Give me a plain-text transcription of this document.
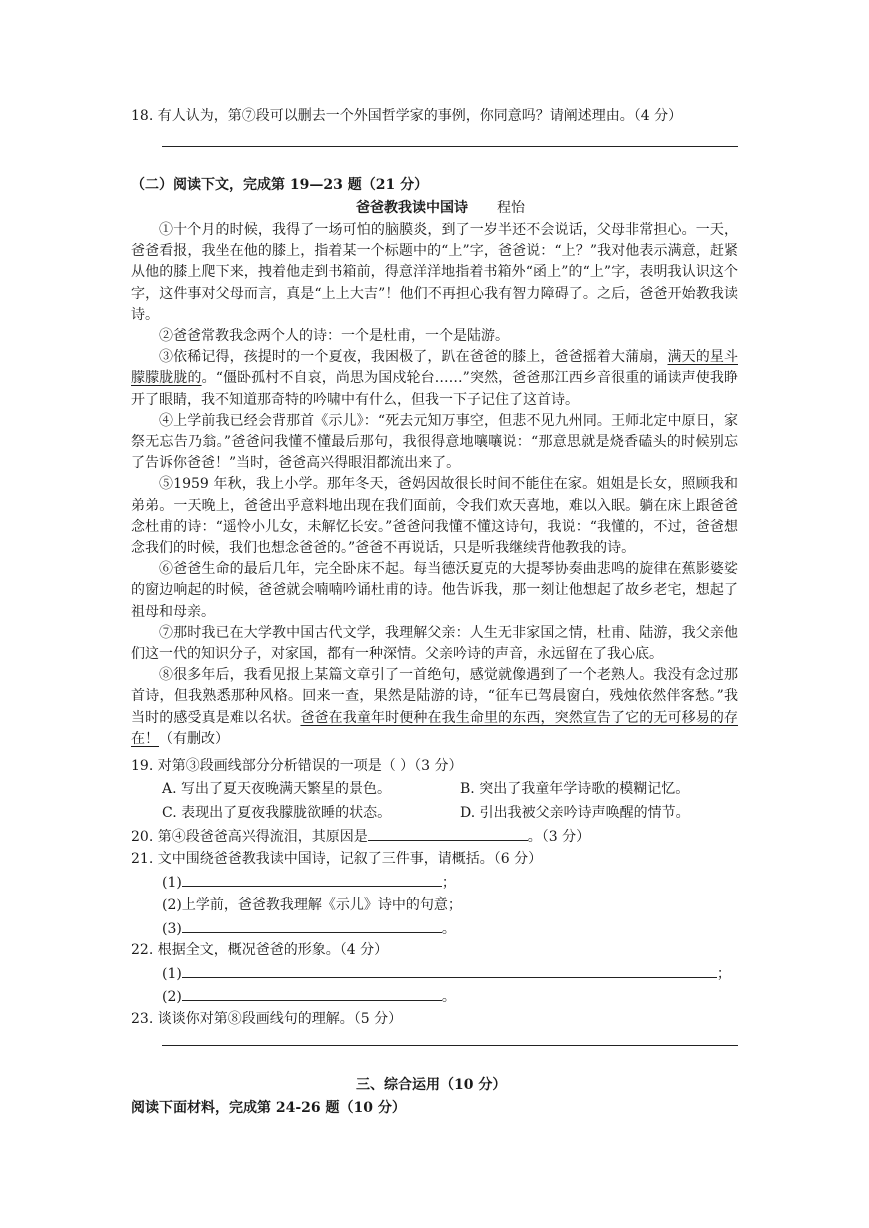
18. 有人认为，第⑦段可以删去一个外国哲学家的事例，你同意吗？请阐述理由。（4 分）
（二）阅读下文，完成第 19—23 题（21 分）
爸爸教我读中国诗 程怡

①十个月的时候，我得了一场可怕的脑膜炎，到了一岁半还不会说话，父母非常担心。一天，爸爸看报，我坐在他的膝上，指着某一个标题中的“上”字，爸爸说：“上？”我对他表示满意，赶紧从他的膝上爬下来，拽着他走到书箱前，得意洋洋地指着书箱外“函上”的“上”字，表明我认识这个字，这件事对父母而言，真是“上上大吉”！他们不再担心我有智力障碍了。之后，爸爸开始教我读诗。

②爸爸常教我念两个人的诗：一个是杜甫，一个是陆游。

③依稀记得，孩提时的一个夏夜，我困极了，趴在爸爸的膝上，爸爸摇着大蒲扇，满天的星斗朦朦胧胧的。“僵卧孤村不自哀，尚思为国戍轮台……”突然，爸爸那江西乡音很重的诵读声使我睁开了眼睛，我不知道那奇特的吟啸中有什么，但我一下子记住了这首诗。

④上学前我已经会背那首《示儿》：“死去元知万事空，但悲不见九州同。王师北定中原日，家祭无忘告乃翁。”爸爸问我懂不懂最后那句，我很得意地嚷嚷说：“那意思就是烧香磕头的时候别忘了告诉你爸爸！”当时，爸爸高兴得眼泪都流出来了。

⑤1959 年秋，我上小学。那年冬天，爸妈因故很长时间不能住在家。姐姐是长女，照顾我和弟弟。一天晚上，爸爸出乎意料地出现在我们面前，令我们欢天喜地，难以入眠。躺在床上跟爸爸念杜甫的诗：“遥怜小儿女，未解忆长安。”爸爸问我懂不懂这诗句，我说：“我懂的，不过，爸爸想念我们的时候，我们也想念爸爸的。”爸爸不再说话，只是听我继续背他教我的诗。

⑥爸爸生命的最后几年，完全卧床不起。每当德沃夏克的大提琴协奏曲悲鸣的旋律在蕉影婆娑的窗边响起的时候，爸爸就会喃喃吟诵杜甫的诗。他告诉我，那一刻让他想起了故乡老宅，想起了祖母和母亲。

⑦那时我已在大学教中国古代文学，我理解父亲：人生无非家国之情，杜甫、陆游，我父亲他们这一代的知识分子，对家国，都有一种深情。父亲吟诗的声音，永远留在了我心底。

⑧很多年后，我看见报上某篇文章引了一首绝句，感觉就像遇到了一个老熟人。我没有念过那首诗，但我熟悉那种风格。回来一查，果然是陆游的诗，“征车已驾晨窗白，残烛依然伴客愁。”我当时的感受真是难以名状。爸爸在我童年时便种在我生命里的东西，突然宣告了它的无可移易的存在！（有删改）

19. 对第③段画线部分分析错误的一项是（ ）（3 分）
A. 写出了夏天夜晚满天繁星的景色。	B. 突出了我童年学诗歌的模糊记忆。
C. 表现出了夏夜我朦胧欲睡的状态。	D. 引出我被父亲吟诗声唤醒的情节。
20. 第④段爸爸高兴得流泪，其原因是	。（3 分）
21. 文中围绕爸爸教我读中国诗，记叙了三件事，请概括。（6 分）
(1)	；
(2)上学前，爸爸教我理解《示儿》诗中的句意；
(3)	。
22. 根据全文，概况爸爸的形象。（4 分）
(1)	；
(2)	。
23. 谈谈你对第⑧段画线句的理解。（5 分）
三、综合运用（10 分）
阅读下面材料，完成第 24-26 题（10 分）
